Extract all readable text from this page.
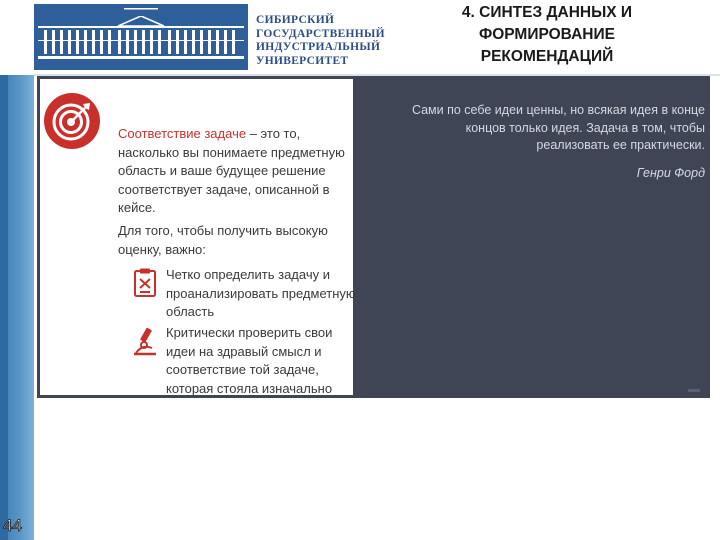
СИБИРСКИЙ
ГОСУДАРСТВЕННЫЙ
ИНДУСТРИАЛЬНЫЙ
УНИВЕРСИТЕТ
4. СИНТЕЗ ДАННЫХ И
ФОРМИРОВАНИЕ
РЕКОМЕНДАЦИЙ
Соответствие задаче – это то, насколько вы понимаете предметную область и ваше будущее решение соответствует задаче, описанной в кейсе.
Для того, чтобы получить высокую оценку, важно:
Четко определить задачу и проанализировать предметную область
Критически проверить свои идеи на здравый смысл и соответствие той задаче, которая стояла изначально
Сами по себе идеи ценны, но всякая идея в конце концов только идея. Задача в том, чтобы реализовать ее практически.
Генри Форд
44
